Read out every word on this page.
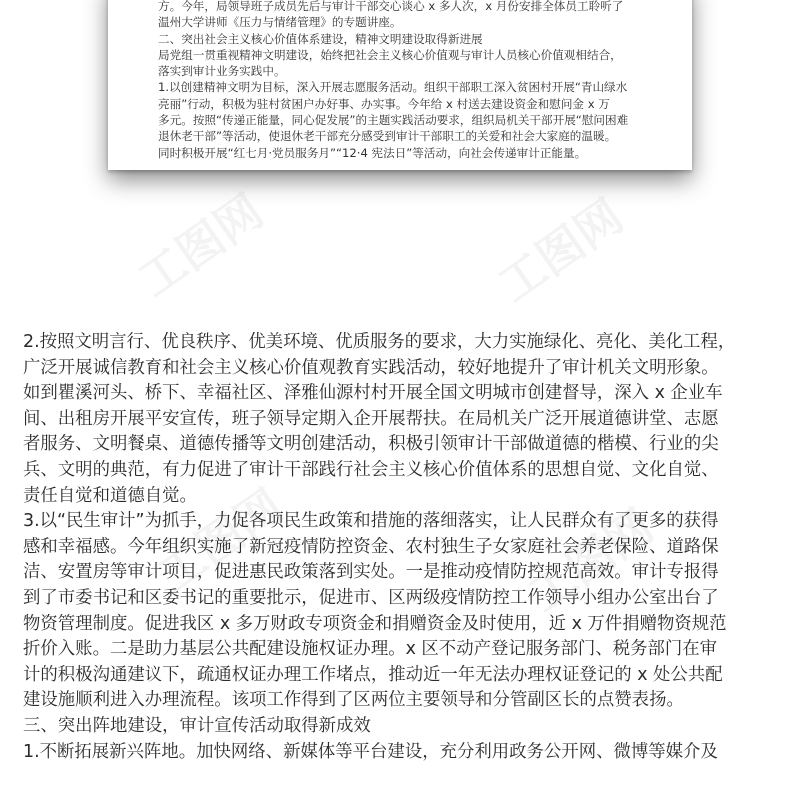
方。今年，局领导班子成员先后与审计干部交心谈心 x 多人次，x 月份安排全体员工聆听了
温州大学讲师《压力与情绪管理》的专题讲座。
二、突出社会主义核心价值体系建设，精神文明建设取得新进展
局党组一贯重视精神文明建设，始终把社会主义核心价值观与审计人员核心价值观相结合，
落实到审计业务实践中。
1.以创建精神文明为目标，深入开展志愿服务活动。组织干部职工深入贫困村开展“青山绿水
亮丽”行动，积极为驻村贫困户办好事、办实事。今年给 x 村送去建设资金和慰问金 x 万
多元。按照“传递正能量，同心促发展”的主题实践活动要求，组织局机关干部开展“慰问困难
退休老干部”等活动，使退休老干部充分感受到审计干部职工的关爱和社会大家庭的温暖。
同时积极开展“红七月·党员服务月”“12·4 宪法日”等活动，向社会传递审计正能量。
工图网	工图网
工图网	工图网
2.按照文明言行、优良秩序、优美环境、优质服务的要求，大力实施绿化、亮化、美化工程，
广泛开展诚信教育和社会主义核心价值观教育实践活动，较好地提升了审计机关文明形象。
如到瞿溪河头、桥下、幸福社区、泽雅仙源村村开展全国文明城市创建督导，深入 x 企业车
间、出租房开展平安宣传，班子领导定期入企开展帮扶。在局机关广泛开展道德讲堂、志愿
者服务、文明餐桌、道德传播等文明创建活动，积极引领审计干部做道德的楷模、行业的尖
兵、文明的典范，有力促进了审计干部践行社会主义核心价值体系的思想自觉、文化自觉、
责任自觉和道德自觉。
3.以“民生审计”为抓手，力促各项民生政策和措施的落细落实，让人民群众有了更多的获得
感和幸福感。今年组织实施了新冠疫情防控资金、农村独生子女家庭社会养老保险、道路保
洁、安置房等审计项目，促进惠民政策落到实处。一是推动疫情防控规范高效。审计专报得
到了市委书记和区委书记的重要批示，促进市、区两级疫情防控工作领导小组办公室出台了
物资管理制度。促进我区 x 多万财政专项资金和捐赠资金及时使用，近 x 万件捐赠物资规范
折价入账。二是助力基层公共配建设施权证办理。x 区不动产登记服务部门、税务部门在审
计的积极沟通建议下，疏通权证办理工作堵点，推动近一年无法办理权证登记的 x 处公共配
建设施顺利进入办理流程。该项工作得到了区两位主要领导和分管副区长的点赞表扬。
三、突出阵地建设，审计宣传活动取得新成效
1.不断拓展新兴阵地。加快网络、新媒体等平台建设，充分利用政务公开网、微博等媒介及
